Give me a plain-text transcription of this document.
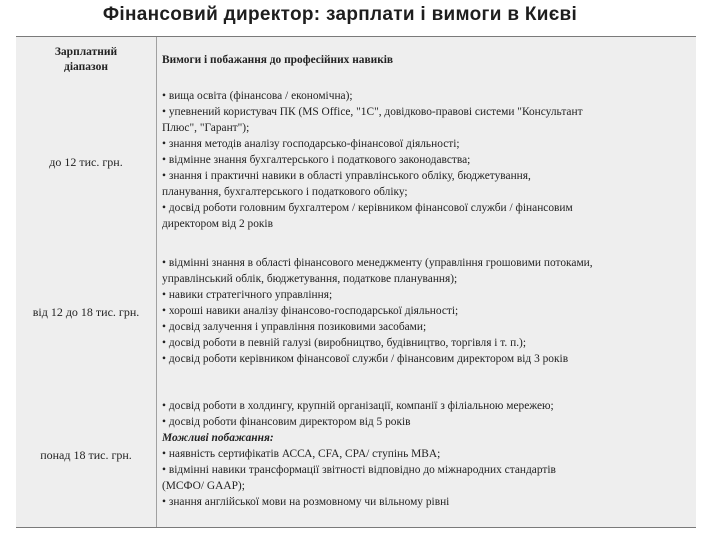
Фінансовий директор: зарплати і вимоги в Києві
Зарплатний
діапазон
Вимоги і побажання до професійних навиків
до 12 тис. грн.
• вища освіта (фінансова / економічна);
• упевнений користувач ПК (MS Office, "1С", довідково-правові системи "Консультант
Плюс", "Гарант");
• знання методів аналізу господарсько-фінансової діяльності;
• відмінне знання бухгалтерського і податкового законодавства;
• знання і практичні навики в області управлінського обліку, бюджетування,
планування, бухгалтерського і податкового обліку;
• досвід роботи головним бухгалтером / керівником фінансової служби / фінансовим
директором від 2 років
від 12 до 18 тис. грн.
• відмінні знання в області фінансового менеджменту (управління грошовими потоками,
управлінський облік, бюджетування, податкове планування);
• навики стратегічного управління;
• хороші навики аналізу фінансово-господарської діяльності;
• досвід залучення і управління позиковими засобами;
• досвід роботи в певній галузі (виробництво, будівництво, торгівля і т. п.);
• досвід роботи керівником фінансової служби / фінансовим директором від 3 років
понад 18 тис. грн.
• досвід роботи в холдингу, крупній організації, компанії з філіальною мережею;
• досвід роботи фінансовим директором від 5 років
Можливі побажання:
• наявність сертифікатів АССА, CFA, CPA/ ступінь MBA;
• відмінні навики трансформації звітності відповідно до міжнародних стандартів
(МСФО/ GAAP);
• знання англійської мови на розмовному чи вільному рівні
